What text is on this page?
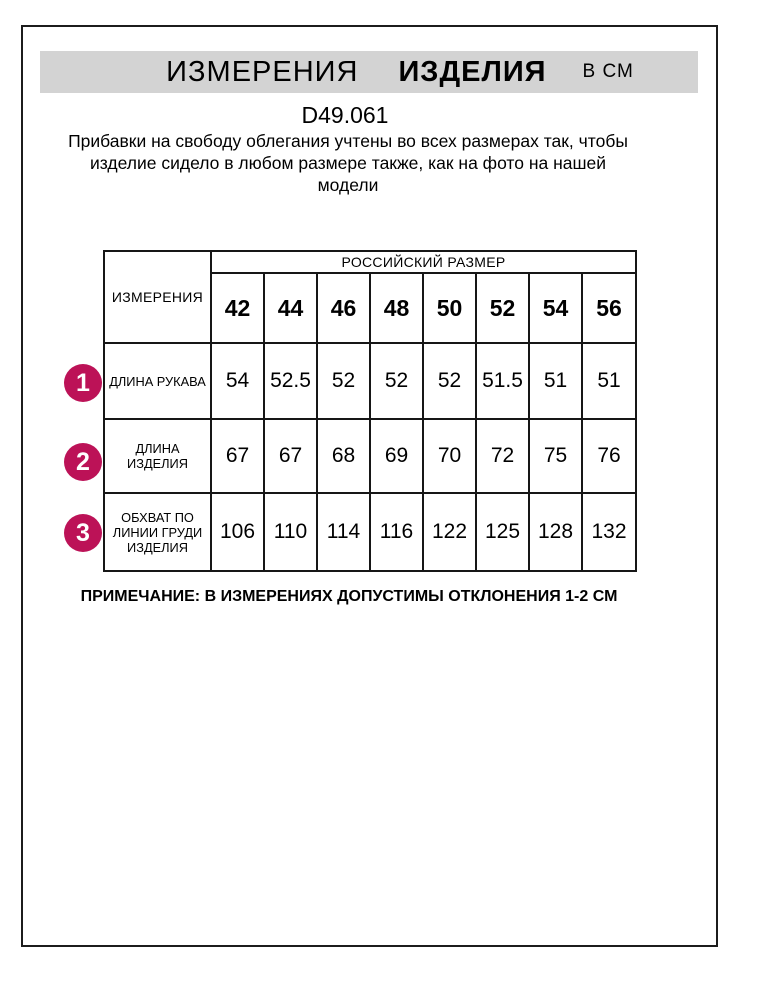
ИЗМЕРЕНИЯ ИЗДЕЛИЯ В СМ
D49.061
Прибавки на свободу облегания учтены во всех размерах так, чтобы изделие сидело в любом размере также, как на фото на нашей модели
ИЗМЕРЕНИЯ	РОССИЙСКИЙ РАЗМЕР							
	42	44	46	48	50	52	54	56
ДЛИНА РУКАВА	54	52.5	52	52	52	51.5	51	51
ДЛИНА ИЗДЕЛИЯ	67	67	68	69	70	72	75	76
ОБХВАТ ПО ЛИНИИ ГРУДИ ИЗДЕЛИЯ	106	110	114	116	122	125	128	132
1
2
3
ПРИМЕЧАНИЕ: В ИЗМЕРЕНИЯХ ДОПУСТИМЫ ОТКЛОНЕНИЯ 1-2 СМ
